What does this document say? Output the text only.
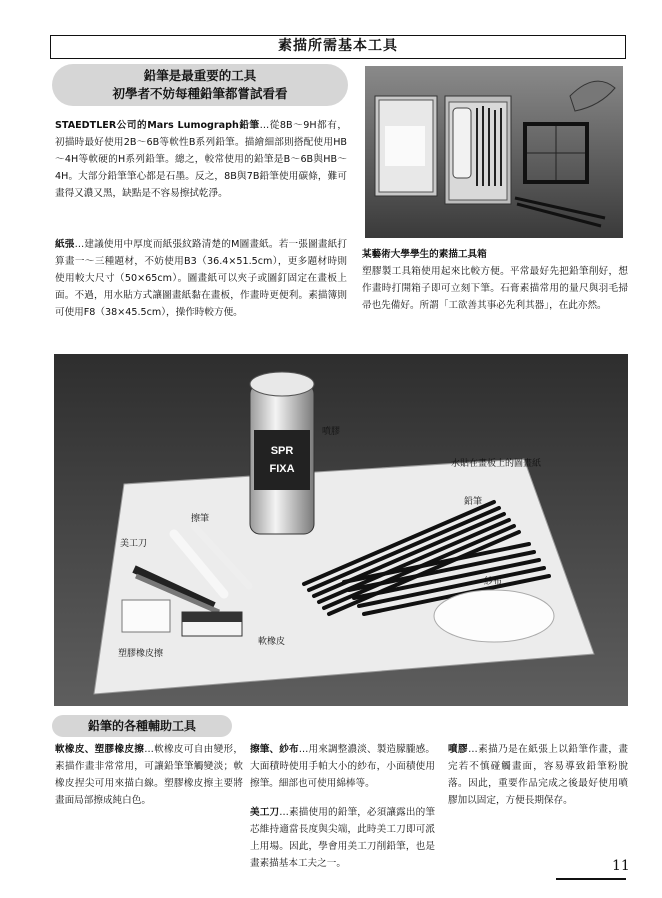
素描所需基本工具
鉛筆是最重要的工具
初學者不妨每種鉛筆都嘗試看看
STAEDTLER公司的Mars Lumograph鉛筆…從8B～9H都有，初描時最好使用2B～6B等軟性B系列鉛筆。描繪細部則搭配使用HB～4H等軟硬的H系列鉛筆。總之，較常使用的鉛筆是B～6B與HB～4H。大部分鉛筆筆心都是石墨。反之，8B與7B鉛筆使用碳條，難可畫得又濃又黑，缺點是不容易擦拭乾淨。
紙張…建議使用中厚度而紙張紋路清楚的M圖畫紙。若一張圖畫紙打算畫一～三種題材，不妨使用B3（36.4×51.5cm），更多題材時則使用較大尺寸（50×65cm）。圖畫紙可以夾子或圖釘固定在畫板上面。不過，用水貼方式讓圖畫紙黏在畫板，作畫時更便利。素描簿則可使用F8（38×45.5cm），操作時較方便。
某藝術大學學生的素描工具箱
塑膠製工具箱使用起來比較方便。平常最好先把鉛筆削好，想作畫時打開箱子即可立刻下筆。石膏素描常用的量尺與羽毛掃帚也先備好。所謂「工欲善其事必先利其器」，在此亦然。
SPR
FIXA
噴膠
水貼在畫板上的圖畫紙
鉛筆
擦筆
美工刀
紗布
軟橡皮
塑膠橡皮擦
鉛筆的各種輔助工具
軟橡皮、塑膠橡皮擦…軟橡皮可自由變形，素描作畫非常常用，可讓鉛筆筆觸變淡；軟橡皮捏尖可用來描白線。塑膠橡皮擦主要將畫面局部擦成純白色。
擦筆、紗布…用來調整濃淡、製造朦朧感。大面積時使用手帕大小的紗布，小面積使用擦筆。細部也可使用綿棒等。
美工刀…素描使用的鉛筆，必須讓露出的筆芯維持適當長度與尖端，此時美工刀即可派上用場。因此，學會用美工刀削鉛筆，也是畫素描基本工夫之一。
噴膠…素描乃是在紙張上以鉛筆作畫，畫完若不慎碰觸畫面，容易導致鉛筆粉脫落。因此，重要作品完成之後最好使用噴膠加以固定，方便長期保存。
11
